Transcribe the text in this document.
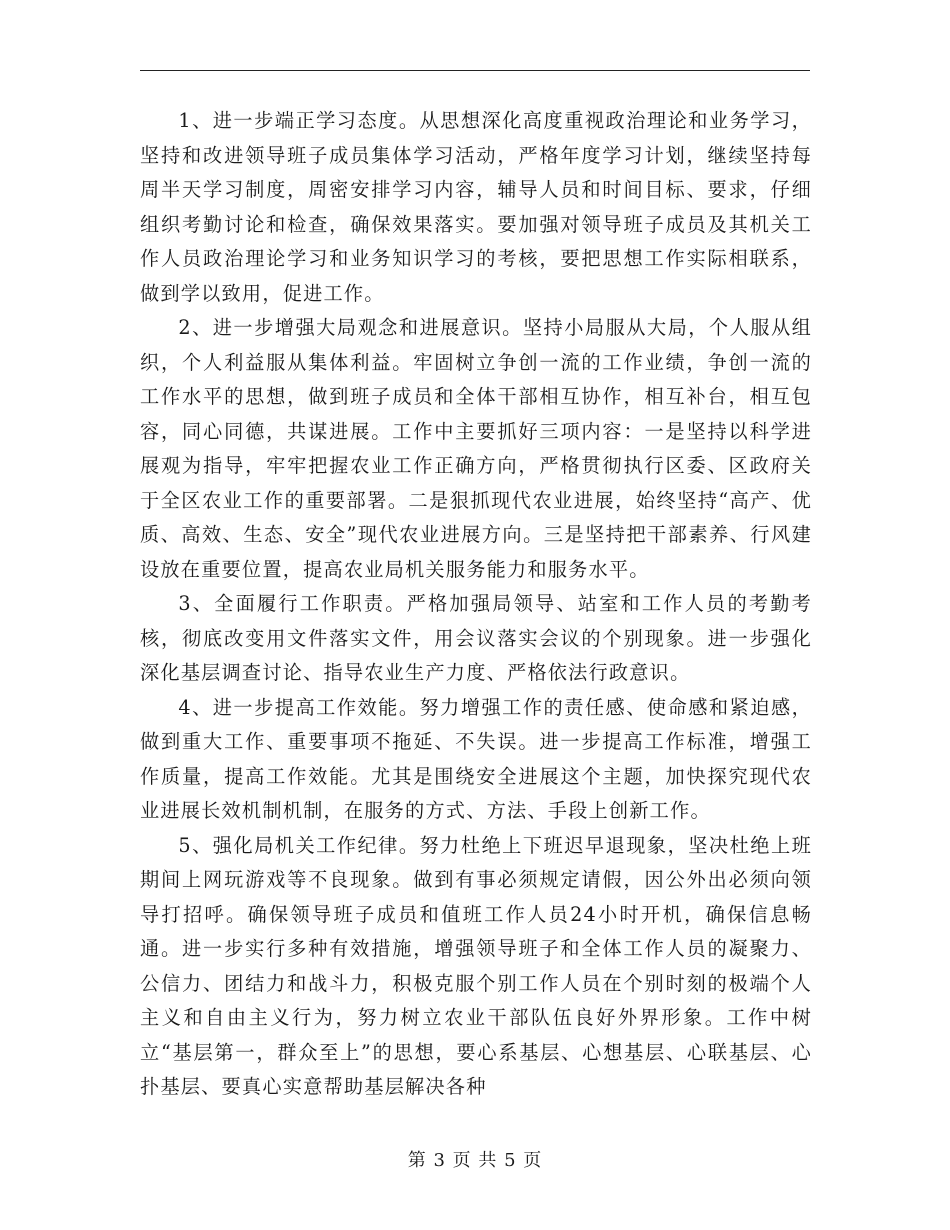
1、进一步端正学习态度。从思想深化高度重视政治理论和业务学习，坚持和改进领导班子成员集体学习活动，严格年度学习计划，继续坚持每周半天学习制度，周密安排学习内容，辅导人员和时间目标、要求，仔细组织考勤讨论和检查，确保效果落实。要加强对领导班子成员及其机关工作人员政治理论学习和业务知识学习的考核，要把思想工作实际相联系，做到学以致用，促进工作。

2、进一步增强大局观念和进展意识。坚持小局服从大局，个人服从组织，个人利益服从集体利益。牢固树立争创一流的工作业绩，争创一流的工作水平的思想，做到班子成员和全体干部相互协作，相互补台，相互包容，同心同德，共谋进展。工作中主要抓好三项内容：一是坚持以科学进展观为指导，牢牢把握农业工作正确方向，严格贯彻执行区委、区政府关于全区农业工作的重要部署。二是狠抓现代农业进展，始终坚持“高产、优质、高效、生态、安全”现代农业进展方向。三是坚持把干部素养、行风建设放在重要位置，提高农业局机关服务能力和服务水平。

3、全面履行工作职责。严格加强局领导、站室和工作人员的考勤考核，彻底改变用文件落实文件，用会议落实会议的个别现象。进一步强化深化基层调查讨论、指导农业生产力度、严格依法行政意识。

4、进一步提高工作效能。努力增强工作的责任感、使命感和紧迫感，做到重大工作、重要事项不拖延、不失误。进一步提高工作标准，增强工作质量，提高工作效能。尤其是围绕安全进展这个主题，加快探究现代农业进展长效机制机制，在服务的方式、方法、手段上创新工作。

5、强化局机关工作纪律。努力杜绝上下班迟早退现象，坚决杜绝上班期间上网玩游戏等不良现象。做到有事必须规定请假，因公外出必须向领导打招呼。确保领导班子成员和值班工作人员24小时开机，确保信息畅通。进一步实行多种有效措施，增强领导班子和全体工作人员的凝聚力、公信力、团结力和战斗力，积极克服个别工作人员在个别时刻的极端个人主义和自由主义行为，努力树立农业干部队伍良好外界形象。工作中树立“基层第一，群众至上”的思想，要心系基层、心想基层、心联基层、心扑基层、要真心实意帮助基层解决各种

第 3 页 共 5 页
